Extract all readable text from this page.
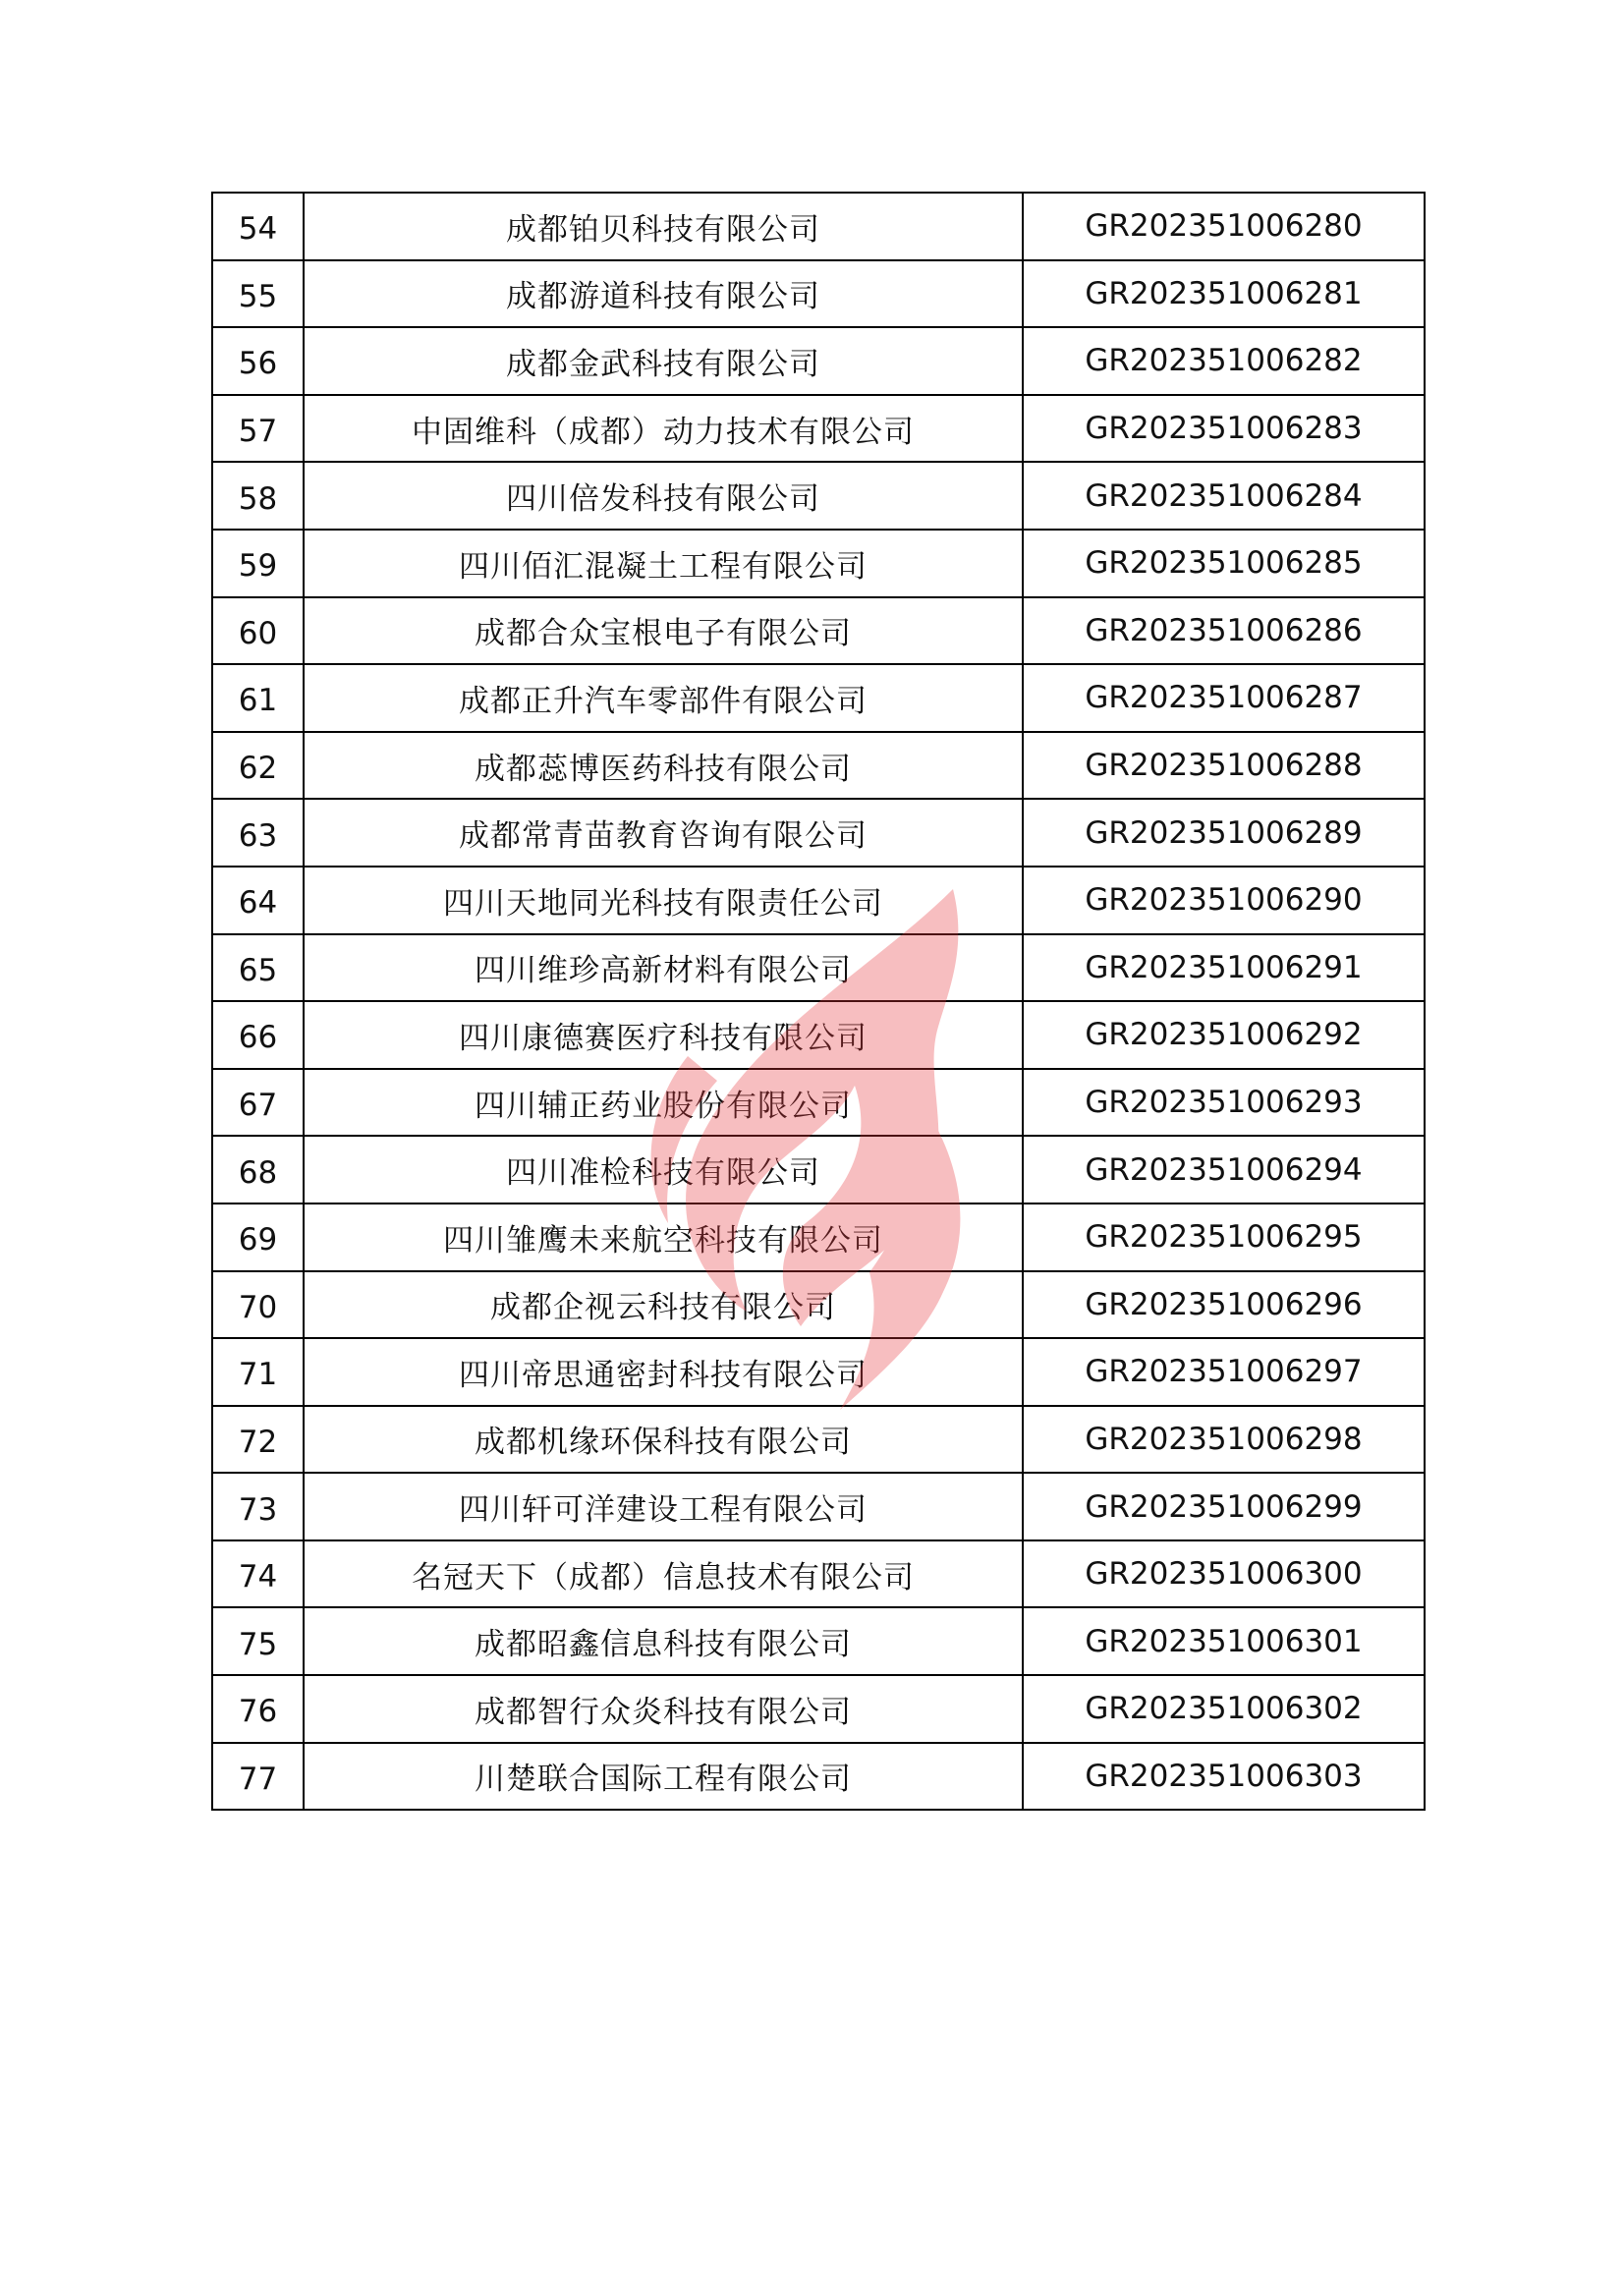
54	成都铂贝科技有限公司	GR202351006280
55	成都游道科技有限公司	GR202351006281
56	成都金武科技有限公司	GR202351006282
57	中固维科（成都）动力技术有限公司	GR202351006283
58	四川倍发科技有限公司	GR202351006284
59	四川佰汇混凝土工程有限公司	GR202351006285
60	成都合众宝根电子有限公司	GR202351006286
61	成都正升汽车零部件有限公司	GR202351006287
62	成都蕊博医药科技有限公司	GR202351006288
63	成都常青苗教育咨询有限公司	GR202351006289
64	四川天地同光科技有限责任公司	GR202351006290
65	四川维珍高新材料有限公司	GR202351006291
66	四川康德赛医疗科技有限公司	GR202351006292
67	四川辅正药业股份有限公司	GR202351006293
68	四川准检科技有限公司	GR202351006294
69	四川雏鹰未来航空科技有限公司	GR202351006295
70	成都企视云科技有限公司	GR202351006296
71	四川帝思通密封科技有限公司	GR202351006297
72	成都机缘环保科技有限公司	GR202351006298
73	四川轩可洋建设工程有限公司	GR202351006299
74	名冠天下（成都）信息技术有限公司	GR202351006300
75	成都昭鑫信息科技有限公司	GR202351006301
76	成都智行众炎科技有限公司	GR202351006302
77	川楚联合国际工程有限公司	GR202351006303
